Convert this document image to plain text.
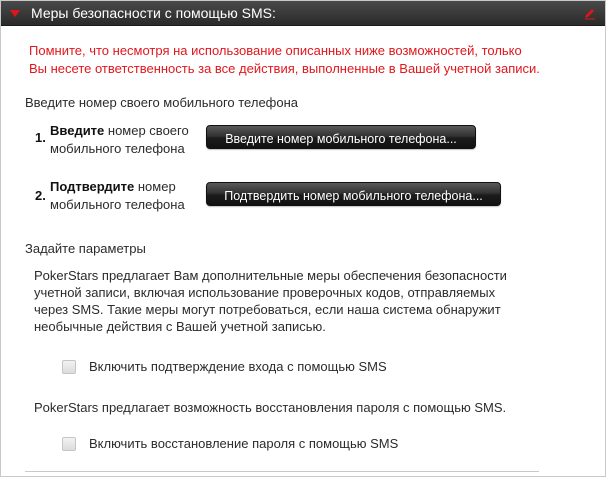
Меры безопасности с помощью SMS:
Помните, что несмотря на использование описанных ниже возможностей, только
Вы несете ответственность за все действия, выполненные в Вашей учетной записи.
Введите номер своего мобильного телефона
1. Введите номер своего
мобильного телефона
Введите номер мобильного телефона...
2.
Подтвердите номер
мобильного телефона
Подтвердить номер мобильного телефона...
Задайте параметры
PokerStars предлагает Вам дополнительные меры обеспечения безопасности
учетной записи, включая использование проверочных кодов, отправляемых
через SMS. Такие меры могут потребоваться, если наша система обнаружит
необычные действия с Вашей учетной записью.
Включить подтверждение входа с помощью SMS
PokerStars предлагает возможность восстановления пароля с помощью SMS.
Включить восстановление пароля с помощью SMS
